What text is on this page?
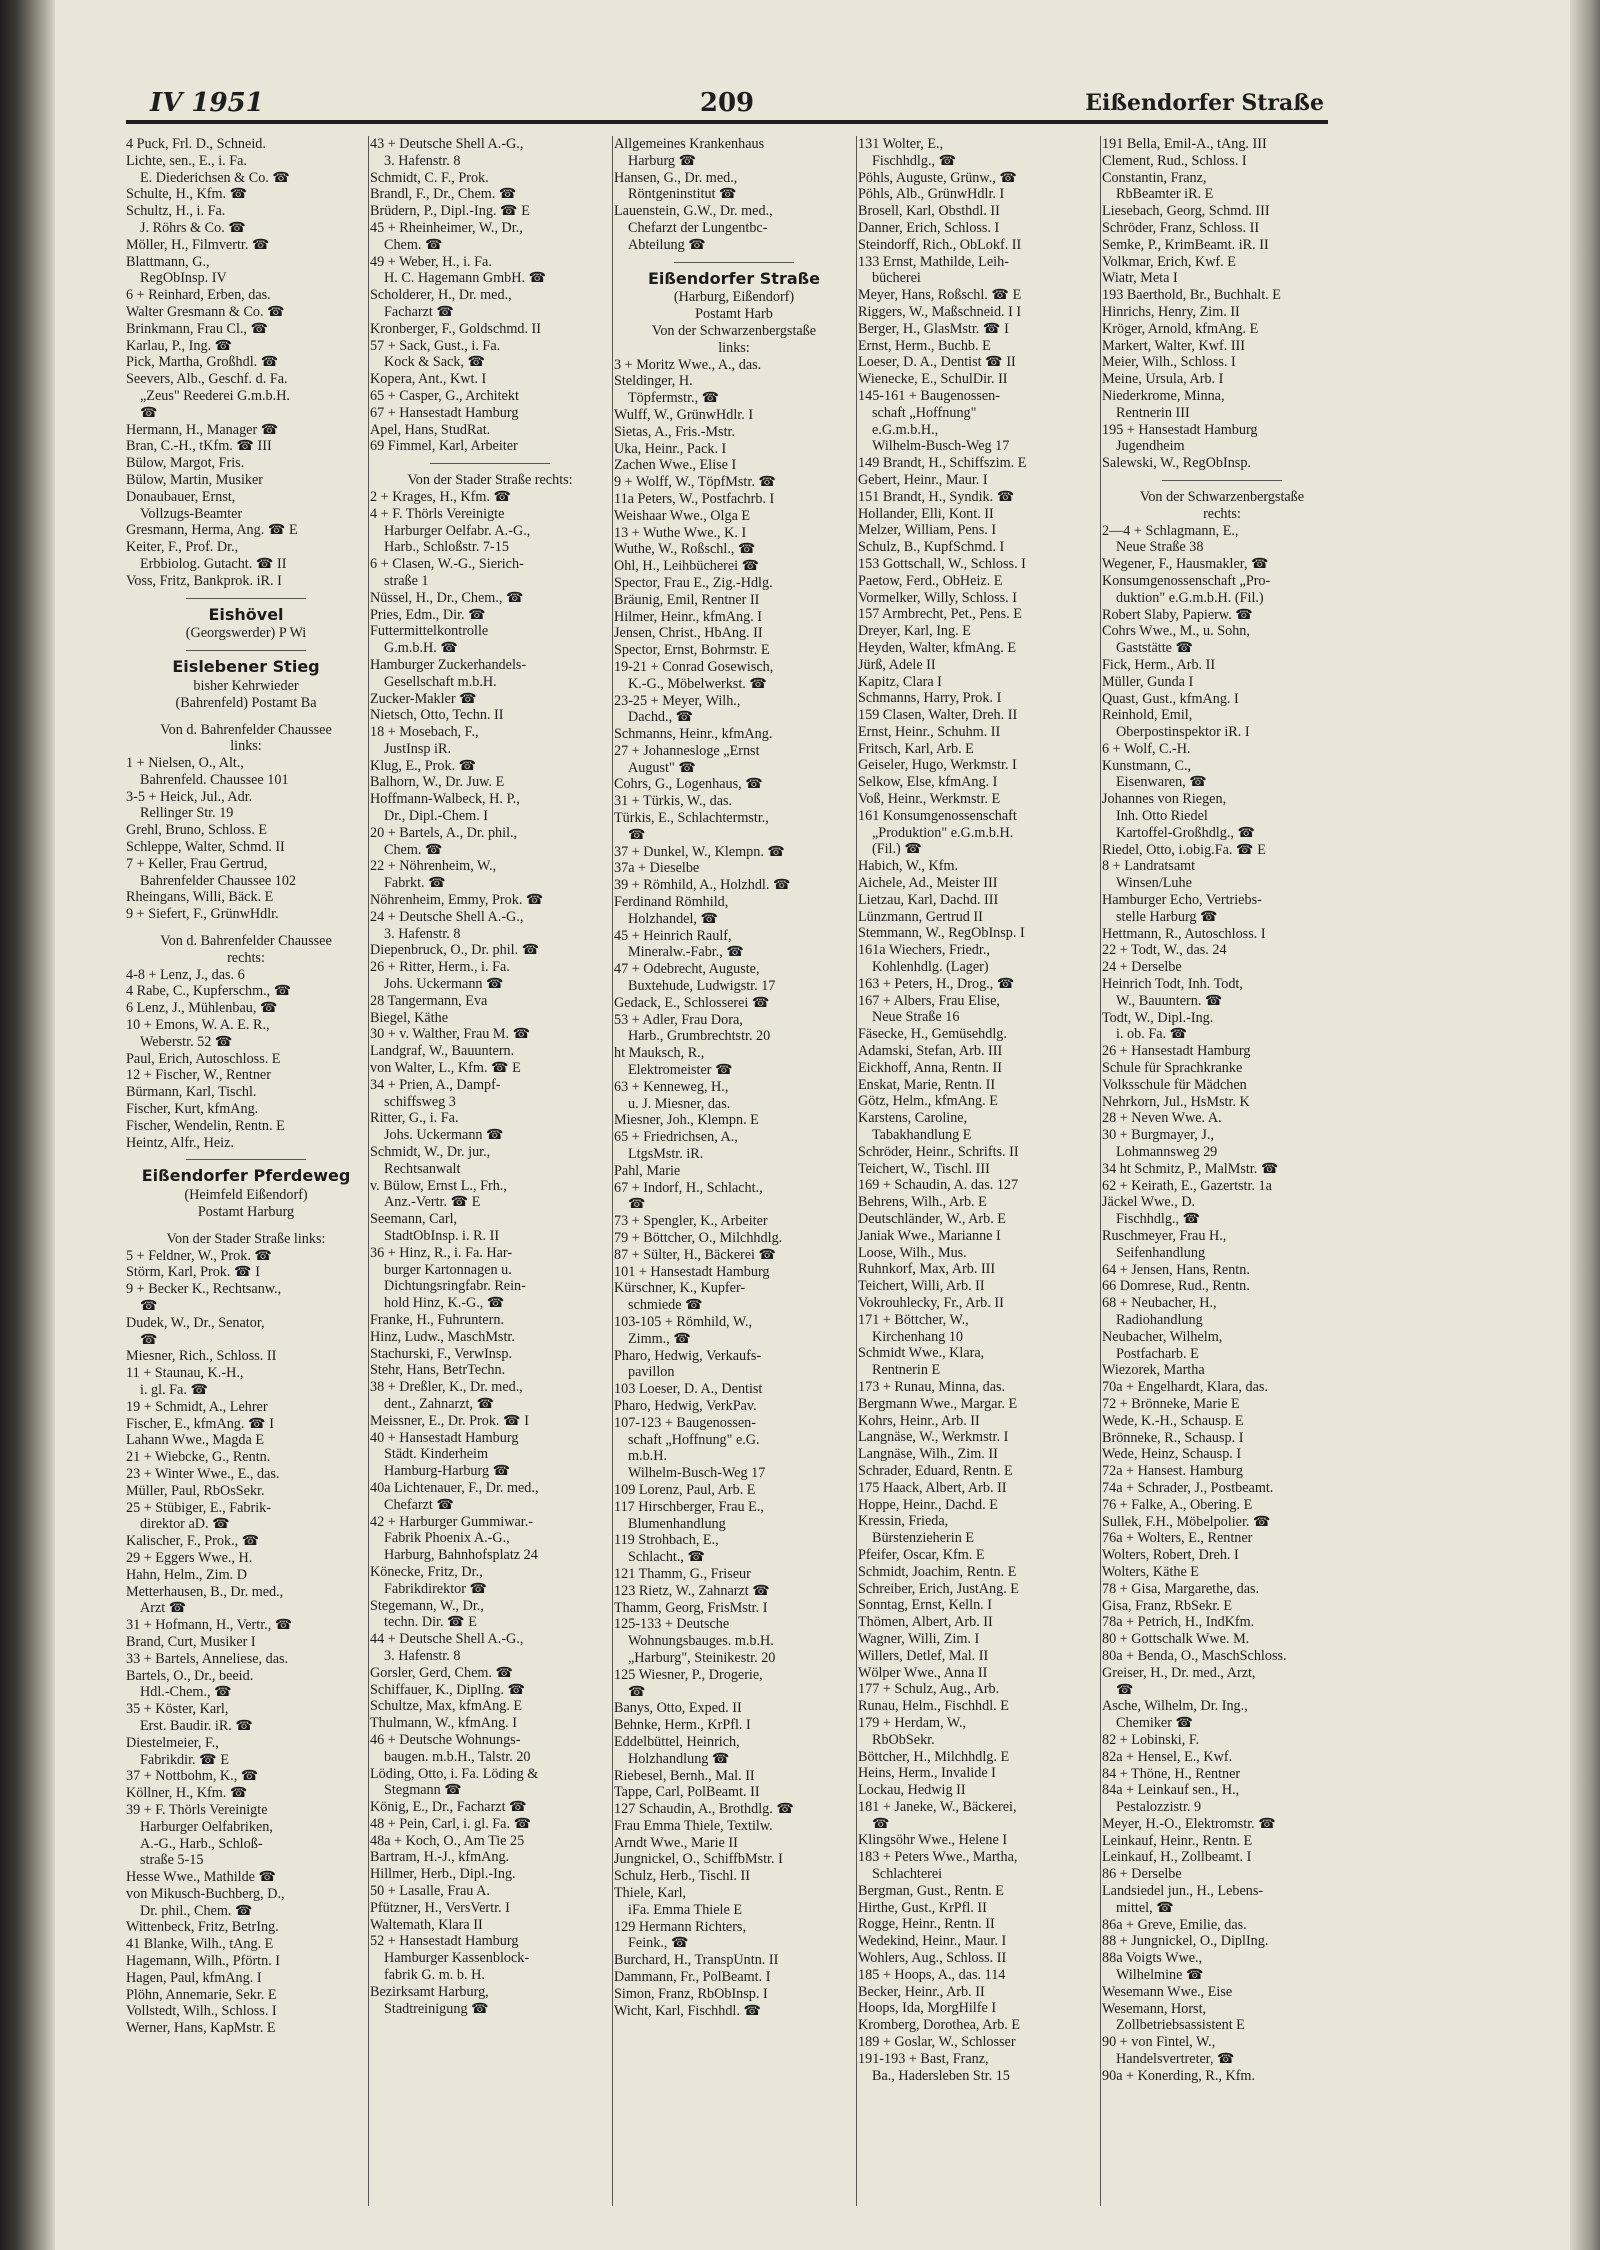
IV 1951	209	Eißendorfer Straße
4 Puck, Frl. D., Schneid.
Lichte, sen., E., i. Fa.
E. Diederichsen & Co. ☎
Schulte, H., Kfm. ☎
Schultz, H., i. Fa.
J. Röhrs & Co. ☎
Möller, H., Filmvertr. ☎
Blattmann, G.,
RegObInsp. IV
6 + Reinhard, Erben, das.
Walter Gresmann & Co. ☎
Brinkmann, Frau Cl., ☎
Karlau, P., Ing. ☎
Pick, Martha, Großhdl. ☎
Seevers, Alb., Geschf. d. Fa.
„Zeus" Reederei G.m.b.H.
☎
Hermann, H., Manager ☎
Bran, C.-H., tKfm. ☎ III
Bülow, Margot, Fris.
Bülow, Martin, Musiker
Donaubauer, Ernst,
Vollzugs-Beamter
Gresmann, Herma, Ang. ☎ E
Keiter, F., Prof. Dr.,
Erbbiolog. Gutacht. ☎ II
Voss, Fritz, Bankprok. iR. I
Eishövel
(Georgswerder) P Wi
Eislebener Stieg
bisher Kehrwieder
(Bahrenfeld) Postamt Ba
Von d. Bahrenfelder Chaussee
links:
1 + Nielsen, O., Alt.,
Bahrenfeld. Chaussee 101
3-5 + Heick, Jul., Adr.
Rellinger Str. 19
Grehl, Bruno, Schloss. E
Schleppe, Walter, Schmd. II
7 + Keller, Frau Gertrud,
Bahrenfelder Chaussee 102
Rheingans, Willi, Bäck. E
9 + Siefert, F., GrünwHdlr.
Von d. Bahrenfelder Chaussee
rechts:
4-8 + Lenz, J., das. 6
4 Rabe, C., Kupferschm., ☎
6 Lenz, J., Mühlenbau, ☎
10 + Emons, W. A. E. R.,
Weberstr. 52 ☎
Paul, Erich, Autoschloss. E
12 + Fischer, W., Rentner
Bürmann, Karl, Tischl.
Fischer, Kurt, kfmAng.
Fischer, Wendelin, Rentn. E
Heintz, Alfr., Heiz.
Eißendorfer Pferdeweg
(Heimfeld Eißendorf)
Postamt Harburg
Von der Stader Straße links:
5 + Feldner, W., Prok. ☎
Störm, Karl, Prok. ☎ I
9 + Becker K., Rechtsanw.,
☎
Dudek, W., Dr., Senator,
☎
Miesner, Rich., Schloss. II
11 + Staunau, K.-H.,
i. gl. Fa. ☎
19 + Schmidt, A., Lehrer
Fischer, E., kfmAng. ☎ I
Lahann Wwe., Magda E
21 + Wiebcke, G., Rentn.
23 + Winter Wwe., E., das.
Müller, Paul, RbOsSekr.
25 + Stübiger, E., Fabrik-
direktor aD. ☎
Kalischer, F., Prok., ☎
29 + Eggers Wwe., H.
Hahn, Helm., Zim. D
Metterhausen, B., Dr. med.,
Arzt ☎
31 + Hofmann, H., Vertr., ☎
Brand, Curt, Musiker I
33 + Bartels, Anneliese, das.
Bartels, O., Dr., beeid.
Hdl.-Chem., ☎
35 + Köster, Karl,
Erst. Baudir. iR. ☎
Diestelmeier, F.,
Fabrikdir. ☎ E
37 + Nottbohm, K., ☎
Köllner, H., Kfm. ☎
39 + F. Thörls Vereinigte
Harburger Oelfabriken,
A.-G., Harb., Schloß-
straße 5-15
Hesse Wwe., Mathilde ☎
von Mikusch-Buchberg, D.,
Dr. phil., Chem. ☎
Wittenbeck, Fritz, BetrIng.
41 Blanke, Wilh., tAng. E
Hagemann, Wilh., Pförtn. I
Hagen, Paul, kfmAng. I
Plöhn, Annemarie, Sekr. E
Vollstedt, Wilh., Schloss. I
Werner, Hans, KapMstr. E
43 + Deutsche Shell A.-G.,
3. Hafenstr. 8
Schmidt, C. F., Prok.
Brandl, F., Dr., Chem. ☎
Brüdern, P., Dipl.-Ing. ☎ E
45 + Rheinheimer, W., Dr.,
Chem. ☎
49 + Weber, H., i. Fa.
H. C. Hagemann GmbH. ☎
Scholderer, H., Dr. med.,
Facharzt ☎
Kronberger, F., Goldschmd. II
57 + Sack, Gust., i. Fa.
Kock & Sack, ☎
Kopera, Ant., Kwt. I
65 + Casper, G., Architekt
67 + Hansestadt Hamburg
Apel, Hans, StudRat.
69 Fimmel, Karl, Arbeiter
Von der Stader Straße rechts:
2 + Krages, H., Kfm. ☎
4 + F. Thörls Vereinigte
Harburger Oelfabr. A.-G.,
Harb., Schloßstr. 7-15
6 + Clasen, W.-G., Sierich-
straße 1
Nüssel, H., Dr., Chem., ☎
Pries, Edm., Dir. ☎
Futtermittelkontrolle
G.m.b.H. ☎
Hamburger Zuckerhandels-
Gesellschaft m.b.H.
Zucker-Makler ☎
Nietsch, Otto, Techn. II
18 + Mosebach, F.,
JustInsp iR.
Klug, E., Prok. ☎
Balhorn, W., Dr. Juw. E
Hoffmann-Walbeck, H. P.,
Dr., Dipl.-Chem. I
20 + Bartels, A., Dr. phil.,
Chem. ☎
22 + Nöhrenheim, W.,
Fabrkt. ☎
Nöhrenheim, Emmy, Prok. ☎
24 + Deutsche Shell A.-G.,
3. Hafenstr. 8
Diepenbruck, O., Dr. phil. ☎
26 + Ritter, Herm., i. Fa.
Johs. Uckermann ☎
28 Tangermann, Eva
Biegel, Käthe
30 + v. Walther, Frau M. ☎
Landgraf, W., Bauuntern.
von Walter, L., Kfm. ☎ E
34 + Prien, A., Dampf-
schiffsweg 3
Ritter, G., i. Fa.
Johs. Uckermann ☎
Schmidt, W., Dr. jur.,
Rechtsanwalt
v. Bülow, Ernst L., Frh.,
Anz.-Vertr. ☎ E
Seemann, Carl,
StadtObInsp. i. R. II
36 + Hinz, R., i. Fa. Har-
burger Kartonnagen u.
Dichtungsringfabr. Rein-
hold Hinz, K.-G., ☎
Franke, H., Fuhruntern.
Hinz, Ludw., MaschMstr.
Stachurski, F., VerwInsp.
Stehr, Hans, BetrTechn.
38 + Dreßler, K., Dr. med.,
dent., Zahnarzt, ☎
Meissner, E., Dr. Prok. ☎ I
40 + Hansestadt Hamburg
Städt. Kinderheim
Hamburg-Harburg ☎
40a Lichtenauer, F., Dr. med.,
Chefarzt ☎
42 + Harburger Gummiwar.-
Fabrik Phoenix A.-G.,
Harburg, Bahnhofsplatz 24
Könecke, Fritz, Dr.,
Fabrikdirektor ☎
Stegemann, W., Dr.,
techn. Dir. ☎ E
44 + Deutsche Shell A.-G.,
3. Hafenstr. 8
Gorsler, Gerd, Chem. ☎
Schiffauer, K., DiplIng. ☎
Schultze, Max, kfmAng. E
Thulmann, W., kfmAng. I
46 + Deutsche Wohnungs-
baugen. m.b.H., Talstr. 20
Löding, Otto, i. Fa. Löding &
Stegmann ☎
König, E., Dr., Facharzt ☎
48 + Pein, Carl, i. gl. Fa. ☎
48a + Koch, O., Am Tie 25
Bartram, H.-J., kfmAng.
Hillmer, Herb., Dipl.-Ing.
50 + Lasalle, Frau A.
Pfützner, H., VersVertr. I
Waltemath, Klara II
52 + Hansestadt Hamburg
Hamburger Kassenblock-
fabrik G. m. b. H.
Bezirksamt Harburg,
Stadtreinigung ☎
Allgemeines Krankenhaus
Harburg ☎
Hansen, G., Dr. med.,
Röntgeninstitut ☎
Lauenstein, G.W., Dr. med.,
Chefarzt der Lungentbc-
Abteilung ☎
Eißendorfer Straße
(Harburg, Eißendorf)
Postamt Harb
Von der Schwarzenbergstaße
links:
3 + Moritz Wwe., A., das.
Steldinger, H.
Töpfermstr., ☎
Wulff, W., GrünwHdlr. I
Sietas, A., Fris.-Mstr.
Uka, Heinr., Pack. I
Zachen Wwe., Elise I
9 + Wolff, W., TöpfMstr. ☎
11a Peters, W., Postfachrb. I
Weishaar Wwe., Olga E
13 + Wuthe Wwe., K. I
Wuthe, W., Roßschl., ☎
Ohl, H., Leihbücherei ☎
Spector, Frau E., Zig.-Hdlg.
Bräunig, Emil, Rentner II
Hilmer, Heinr., kfmAng. I
Jensen, Christ., HbAng. II
Spector, Ernst, Bohrmstr. E
19-21 + Conrad Gosewisch,
K.-G., Möbelwerkst. ☎
23-25 + Meyer, Wilh.,
Dachd., ☎
Schmanns, Heinr., kfmAng.
27 + Johannesloge „Ernst
August" ☎
Cohrs, G., Logenhaus, ☎
31 + Türkis, W., das.
Türkis, E., Schlachtermstr.,
☎
37 + Dunkel, W., Klempn. ☎
37a + Dieselbe
39 + Römhild, A., Holzhdl. ☎
Ferdinand Römhild,
Holzhandel, ☎
45 + Heinrich Raulf,
Mineralw.-Fabr., ☎
47 + Odebrecht, Auguste,
Buxtehude, Ludwigstr. 17
Gedack, E., Schlosserei ☎
53 + Adler, Frau Dora,
Harb., Grumbrechtstr. 20
ht Mauksch, R.,
Elektromeister ☎
63 + Kenneweg, H.,
u. J. Miesner, das.
Miesner, Joh., Klempn. E
65 + Friedrichsen, A.,
LtgsMstr. iR.
Pahl, Marie
67 + Indorf, H., Schlacht.,
☎
73 + Spengler, K., Arbeiter
79 + Böttcher, O., Milchhdlg.
87 + Sülter, H., Bäckerei ☎
101 + Hansestadt Hamburg
Kürschner, K., Kupfer-
schmiede ☎
103-105 + Römhild, W.,
Zimm., ☎
Pharo, Hedwig, Verkaufs-
pavillon
103 Loeser, D. A., Dentist
Pharo, Hedwig, VerkPav.
107-123 + Baugenossen-
schaft „Hoffnung" e.G.
m.b.H.
Wilhelm-Busch-Weg 17
109 Lorenz, Paul, Arb. E
117 Hirschberger, Frau E.,
Blumenhandlung
119 Strohbach, E.,
Schlacht., ☎
121 Thamm, G., Friseur
123 Rietz, W., Zahnarzt ☎
Thamm, Georg, FrisMstr. I
125-133 + Deutsche
Wohnungsbauges. m.b.H.
„Harburg", Steinikestr. 20
125 Wiesner, P., Drogerie,
☎
Banys, Otto, Exped. II
Behnke, Herm., KrPfl. I
Eddelbüttel, Heinrich,
Holzhandlung ☎
Riebesel, Bernh., Mal. II
Tappe, Carl, PolBeamt. II
127 Schaudin, A., Brothdlg. ☎
Frau Emma Thiele, Textilw.
Arndt Wwe., Marie II
Jungnickel, O., SchiffbMstr. I
Schulz, Herb., Tischl. II
Thiele, Karl,
iFa. Emma Thiele E
129 Hermann Richters,
Feink., ☎
Burchard, H., TranspUntn. II
Dammann, Fr., PolBeamt. I
Simon, Franz, RbObInsp. I
Wicht, Karl, Fischhdl. ☎
131 Wolter, E.,
Fischhdlg., ☎
Pöhls, Auguste, Grünw., ☎
Pöhls, Alb., GrünwHdlr. I
Brosell, Karl, Obsthdl. II
Danner, Erich, Schloss. I
Steindorff, Rich., ObLokf. II
133 Ernst, Mathilde, Leih-
bücherei
Meyer, Hans, Roßschl. ☎ E
Riggers, W., Maßschneid. I I
Berger, H., GlasMstr. ☎ I
Ernst, Herm., Buchb. E
Loeser, D. A., Dentist ☎ II
Wienecke, E., SchulDir. II
145-161 + Baugenossen-
schaft „Hoffnung"
e.G.m.b.H.,
Wilhelm-Busch-Weg 17
149 Brandt, H., Schiffszim. E
Gebert, Heinr., Maur. I
151 Brandt, H., Syndik. ☎
Hollander, Elli, Kont. II
Melzer, William, Pens. I
Schulz, B., KupfSchmd. I
153 Gottschall, W., Schloss. I
Paetow, Ferd., ObHeiz. E
Vormelker, Willy, Schloss. I
157 Armbrecht, Pet., Pens. E
Dreyer, Karl, Ing. E
Heyden, Walter, kfmAng. E
Jürß, Adele II
Kapitz, Clara I
Schmanns, Harry, Prok. I
159 Clasen, Walter, Dreh. II
Ernst, Heinr., Schuhm. II
Fritsch, Karl, Arb. E
Geiseler, Hugo, Werkmstr. I
Selkow, Else, kfmAng. I
Voß, Heinr., Werkmstr. E
161 Konsumgenossenschaft
„Produktion" e.G.m.b.H.
(Fil.) ☎
Habich, W., Kfm.
Aichele, Ad., Meister III
Lietzau, Karl, Dachd. III
Lünzmann, Gertrud II
Stemmann, W., RegObInsp. I
161a Wiechers, Friedr.,
Kohlenhdlg. (Lager)
163 + Peters, H., Drog., ☎
167 + Albers, Frau Elise,
Neue Straße 16
Fäsecke, H., Gemüsehdlg.
Adamski, Stefan, Arb. III
Eickhoff, Anna, Rentn. II
Enskat, Marie, Rentn. II
Götz, Helm., kfmAng. E
Karstens, Caroline,
Tabakhandlung E
Schröder, Heinr., Schrifts. II
Teichert, W., Tischl. III
169 + Schaudin, A. das. 127
Behrens, Wilh., Arb. E
Deutschländer, W., Arb. E
Janiak Wwe., Marianne I
Loose, Wilh., Mus.
Ruhnkorf, Max, Arb. III
Teichert, Willi, Arb. II
Vokrouhlecky, Fr., Arb. II
171 + Böttcher, W.,
Kirchenhang 10
Schmidt Wwe., Klara,
Rentnerin E
173 + Runau, Minna, das.
Bergmann Wwe., Margar. E
Kohrs, Heinr., Arb. II
Langnäse, W., Werkmstr. I
Langnäse, Wilh., Zim. II
Schrader, Eduard, Rentn. E
175 Haack, Albert, Arb. II
Hoppe, Heinr., Dachd. E
Kressin, Frieda,
Bürstenzieherin E
Pfeifer, Oscar, Kfm. E
Schmidt, Joachim, Rentn. E
Schreiber, Erich, JustAng. E
Sonntag, Ernst, Kelln. I
Thömen, Albert, Arb. II
Wagner, Willi, Zim. I
Willers, Detlef, Mal. II
Wölper Wwe., Anna II
177 + Schulz, Aug., Arb.
Runau, Helm., Fischhdl. E
179 + Herdam, W.,
RbObSekr.
Böttcher, H., Milchhdlg. E
Heins, Herm., Invalide I
Lockau, Hedwig II
181 + Janeke, W., Bäckerei,
☎
Klingsöhr Wwe., Helene I
183 + Peters Wwe., Martha,
Schlachterei
Bergman, Gust., Rentn. E
Hirthe, Gust., KrPfl. II
Rogge, Heinr., Rentn. II
Wedekind, Heinr., Maur. I
Wohlers, Aug., Schloss. II
185 + Hoops, A., das. 114
Becker, Heinr., Arb. II
Hoops, Ida, MorgHilfe I
Kromberg, Dorothea, Arb. E
189 + Goslar, W., Schlosser
191-193 + Bast, Franz,
Ba., Hadersleben Str. 15
191 Bella, Emil-A., tAng. III
Clement, Rud., Schloss. I
Constantin, Franz,
RbBeamter iR. E
Liesebach, Georg, Schmd. III
Schröder, Franz, Schloss. II
Semke, P., KrimBeamt. iR. II
Volkmar, Erich, Kwf. E
Wiatr, Meta I
193 Baerthold, Br., Buchhalt. E
Hinrichs, Henry, Zim. II
Kröger, Arnold, kfmAng. E
Markert, Walter, Kwf. III
Meier, Wilh., Schloss. I
Meine, Ursula, Arb. I
Niederkrome, Minna,
Rentnerin III
195 + Hansestadt Hamburg
Jugendheim
Salewski, W., RegObInsp.
Von der Schwarzenbergstaße
rechts:
2—4 + Schlagmann, E.,
Neue Straße 38
Wegener, F., Hausmakler, ☎
Konsumgenossenschaft „Pro-
duktion" e.G.m.b.H. (Fil.)
Robert Slaby, Papierw. ☎
Cohrs Wwe., M., u. Sohn,
Gaststätte ☎
Fick, Herm., Arb. II
Müller, Gunda I
Quast, Gust., kfmAng. I
Reinhold, Emil,
Oberpostinspektor iR. I
6 + Wolf, C.-H.
Kunstmann, C.,
Eisenwaren, ☎
Johannes von Riegen,
Inh. Otto Riedel
Kartoffel-Großhdlg., ☎
Riedel, Otto, i.obig.Fa. ☎ E
8 + Landratsamt
Winsen/Luhe
Hamburger Echo, Vertriebs-
stelle Harburg ☎
Hettmann, R., Autoschloss. I
22 + Todt, W., das. 24
24 + Derselbe
Heinrich Todt, Inh. Todt,
W., Bauuntern. ☎
Todt, W., Dipl.-Ing.
i. ob. Fa. ☎
26 + Hansestadt Hamburg
Schule für Sprachkranke
Volksschule für Mädchen
Nehrkorn, Jul., HsMstr. K
28 + Neven Wwe. A.
30 + Burgmayer, J.,
Lohmannsweg 29
34 ht Schmitz, P., MalMstr. ☎
62 + Keirath, E., Gazertstr. 1a
Jäckel Wwe., D.
Fischhdlg., ☎
Ruschmeyer, Frau H.,
Seifenhandlung
64 + Jensen, Hans, Rentn.
66 Domrese, Rud., Rentn.
68 + Neubacher, H.,
Radiohandlung
Neubacher, Wilhelm,
Postfacharb. E
Wiezorek, Martha
70a + Engelhardt, Klara, das.
72 + Brönneke, Marie E
Wede, K.-H., Schausp. E
Brönneke, R., Schausp. I
Wede, Heinz, Schausp. I
72a + Hansest. Hamburg
74a + Schrader, J., Postbeamt.
76 + Falke, A., Obering. E
Sullek, F.H., Möbelpolier. ☎
76a + Wolters, E., Rentner
Wolters, Robert, Dreh. I
Wolters, Käthe E
78 + Gisa, Margarethe, das.
Gisa, Franz, RbSekr. E
78a + Petrich, H., IndKfm.
80 + Gottschalk Wwe. M.
80a + Benda, O., MaschSchloss.
Greiser, H., Dr. med., Arzt,
☎
Asche, Wilhelm, Dr. Ing.,
Chemiker ☎
82 + Lobinski, F.
82a + Hensel, E., Kwf.
84 + Thöne, H., Rentner
84a + Leinkauf sen., H.,
Pestalozzistr. 9
Meyer, H.-O., Elektromstr. ☎
Leinkauf, Heinr., Rentn. E
Leinkauf, H., Zollbeamt. I
86 + Derselbe
Landsiedel jun., H., Lebens-
mittel, ☎
86a + Greve, Emilie, das.
88 + Jungnickel, O., DiplIng.
88a Voigts Wwe.,
Wilhelmine ☎
Wesemann Wwe., Eise
Wesemann, Horst,
Zollbetriebsassistent E
90 + von Fintel, W.,
Handelsvertreter, ☎
90a + Konerding, R., Kfm.
